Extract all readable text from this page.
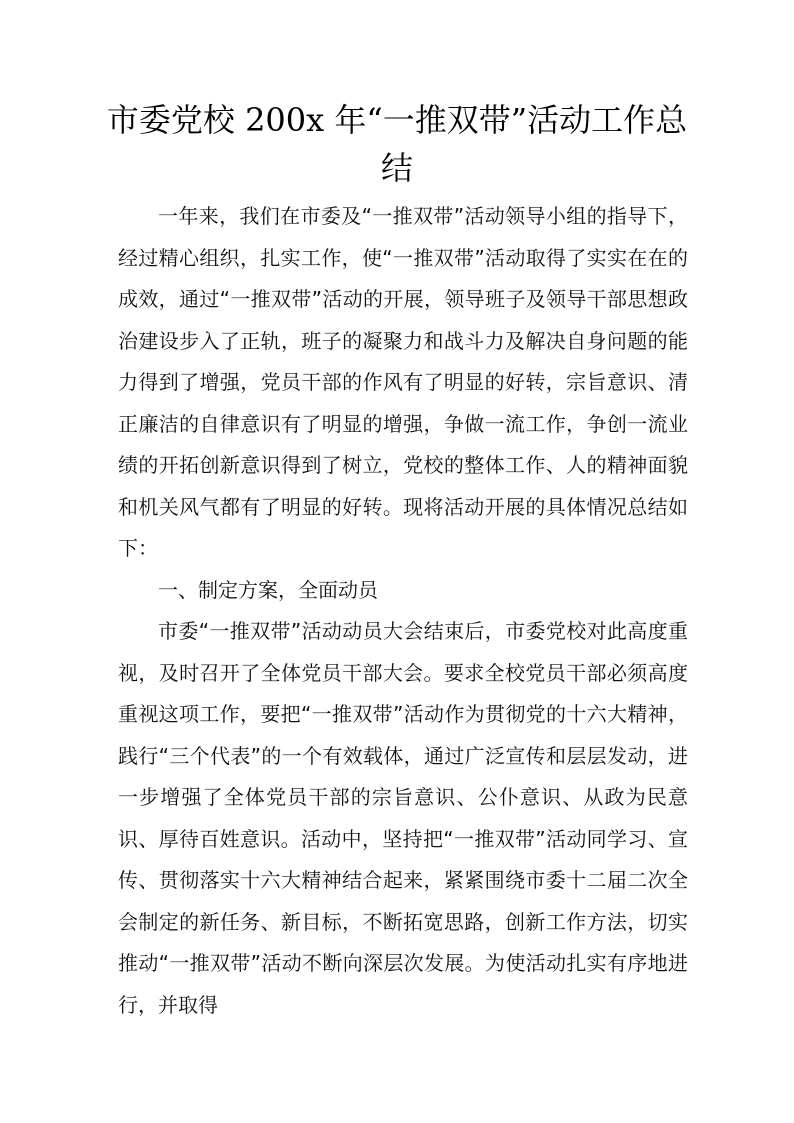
市委党校 200x 年“一推双带”活动工作总结

一年来，我们在市委及“一推双带”活动领导小组的指导下，经过精心组织，扎实工作，使“一推双带”活动取得了实实在在的成效，通过“一推双带”活动的开展，领导班子及领导干部思想政治建设步入了正轨，班子的凝聚力和战斗力及解决自身问题的能力得到了增强，党员干部的作风有了明显的好转，宗旨意识、清正廉洁的自律意识有了明显的增强，争做一流工作，争创一流业绩的开拓创新意识得到了树立，党校的整体工作、人的精神面貌和机关风气都有了明显的好转。现将活动开展的具体情况总结如下：

一、制定方案，全面动员

市委“一推双带”活动动员大会结束后，市委党校对此高度重视，及时召开了全体党员干部大会。要求全校党员干部必须高度重视这项工作，要把“一推双带”活动作为贯彻党的十六大精神，践行“三个代表”的一个有效载体，通过广泛宣传和层层发动，进一步增强了全体党员干部的宗旨意识、公仆意识、从政为民意识、厚待百姓意识。活动中，坚持把“一推双带”活动同学习、宣传、贯彻落实十六大精神结合起来，紧紧围绕市委十二届二次全会制定的新任务、新目标，不断拓宽思路，创新工作方法，切实推动“一推双带”活动不断向深层次发展。为使活动扎实有序地进行，并取得
